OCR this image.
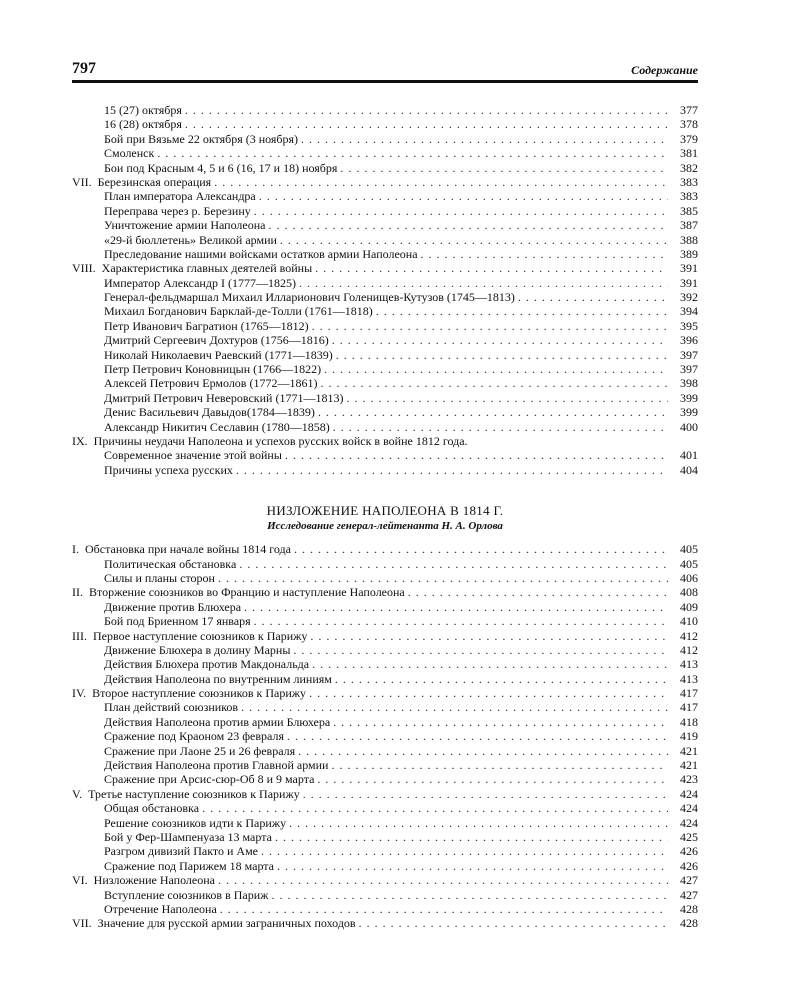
797	Содержание
15 (27) октября . . .	377
16 (28) октября . . .	378
Бой при Вязьме 22 октября (3 ноября) . . .	379
Смоленск . . .	381
Бои под Красным 4, 5 и 6 (16, 17 и 18) ноября . . .	382
VII. Березинская операция . . .	383
План императора Александра . . .	383
Переправа через р. Березину . . .	385
Уничтожение армии Наполеона . . .	387
«29-й бюллетень» Великой армии . . .	388
Преследование нашими войсками остатков армии Наполеона . . .	389
VIII. Характеристика главных деятелей войны . . .	391
Император Александр I (1777—1825) . . .	391
Генерал-фельдмаршал Михаил Илларионович Голенищев-Кутузов (1745—1813) . . .	392
Михаил Богданович Барклай-де-Толли (1761—1818) . . .	394
Петр Иванович Багратион (1765—1812) . . .	395
Дмитрий Сергеевич Дохтуров (1756—1816) . . .	396
Николай Николаевич Раевский (1771—1839) . . .	397
Петр Петрович Коновницын (1766—1822) . . .	397
Алексей Петрович Ермолов (1772—1861) . . .	398
Дмитрий Петрович Неверовский (1771—1813) . . .	399
Денис Васильевич Давыдов(1784—1839) . . .	399
Александр Никитич Сеславин (1780—1858) . . .	400
IX. Причины неудачи Наполеона и успехов русских войск в войне 1812 года.
Современное значение этой войны . . .	401
Причины успеха русских . . .	404
НИЗЛОЖЕНИЕ НАПОЛЕОНА В 1814 Г.
Исследование генерал-лейтенанта Н. А. Орлова
I. Обстановка при начале войны 1814 года . . .	405
Политическая обстановка . . .	405
Силы и планы сторон . . .	406
II. Вторжение союзников во Францию и наступление Наполеона . . .	408
Движение против Блюхера . . .	409
Бой под Бриенном 17 января . . .	410
III. Первое наступление союзников к Парижу . . .	412
Движение Блюхера в долину Марны . . .	412
Действия Блюхера против Макдональда . . .	413
Действия Наполеона по внутренним линиям . . .	413
IV. Второе наступление союзников к Парижу . . .	417
План действий союзников . . .	417
Действия Наполеона против армии Блюхера . . .	418
Сражение под Краоном 23 февраля . . .	419
Сражение при Лаоне 25 и 26 февраля . . .	421
Действия Наполеона против Главной армии . . .	421
Сражение при Арсис-сюр-Об 8 и 9 марта . . .	423
V. Третье наступление союзников к Парижу . . .	424
Общая обстановка . . .	424
Решение союзников идти к Парижу . . .	424
Бой у Фер-Шампенуаза 13 марта . . .	425
Разгром дивизий Пакто и Аме . . .	426
Сражение под Парижем 18 марта . . .	426
VI. Низложение Наполеона . . .	427
Вступление союзников в Париж . . .	427
Отречение Наполеона . . .	428
VII. Значение для русской армии заграничных походов . . .	428
